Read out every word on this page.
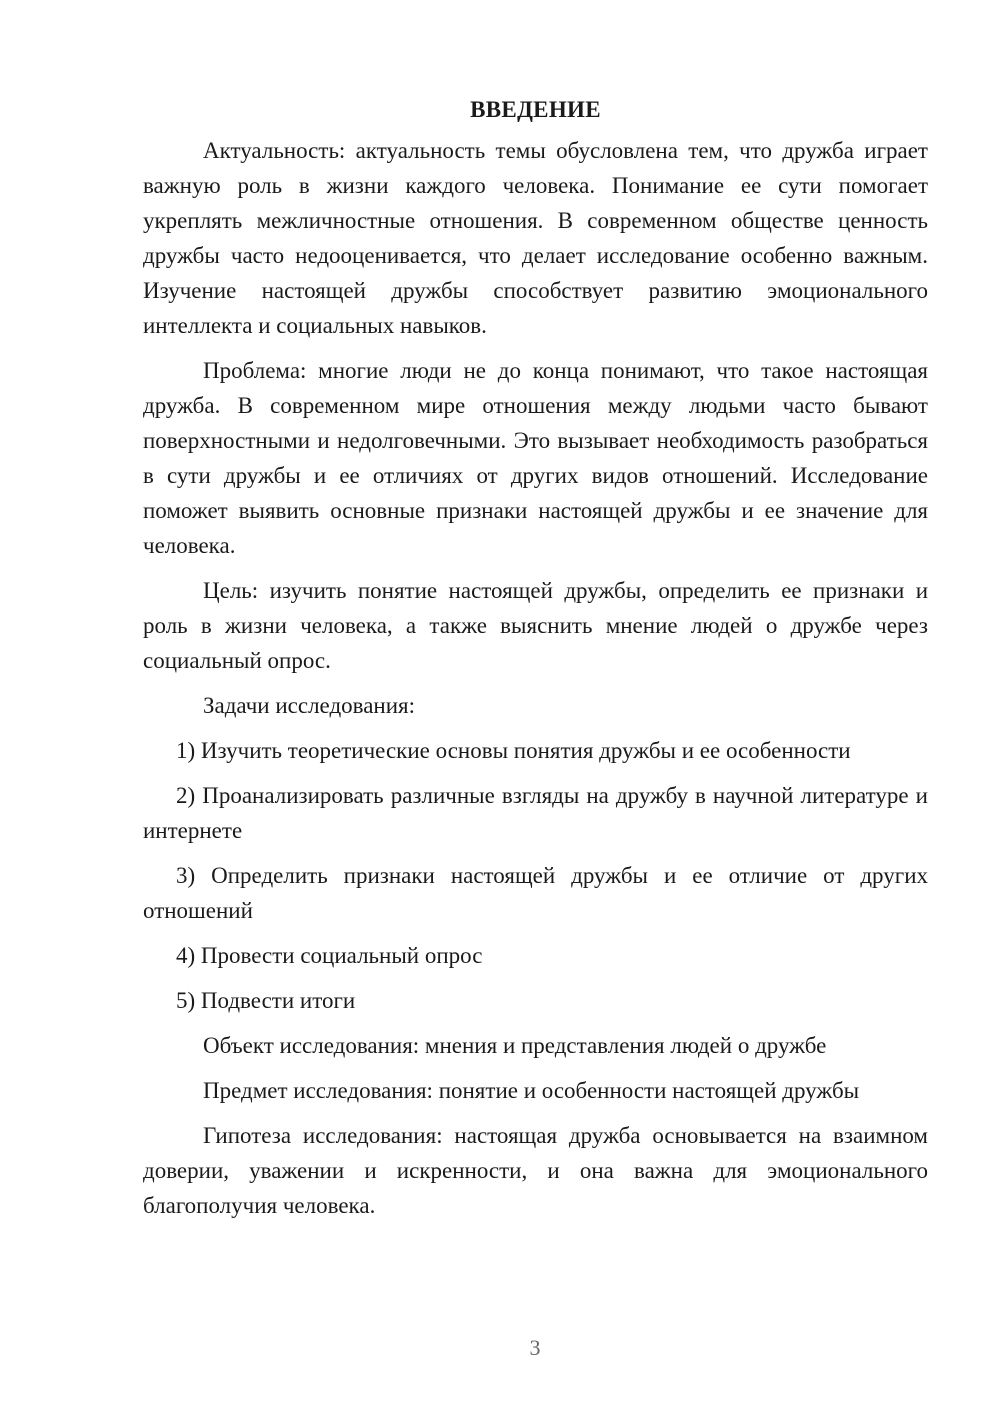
ВВЕДЕНИЕ

Актуальность: актуальность темы обусловлена тем, что дружба играет важную роль в жизни каждого человека. Понимание ее сути помогает укреплять межличностные отношения. В современном обществе ценность дружбы часто недооценивается, что делает исследование особенно важным. Изучение настоящей дружбы способствует развитию эмоционального интеллекта и социальных навыков.

Проблема: многие люди не до конца понимают, что такое настоящая дружба. В современном мире отношения между людьми часто бывают поверхностными и недолговечными. Это вызывает необходимость разобраться в сути дружбы и ее отличиях от других видов отношений. Исследование поможет выявить основные признаки настоящей дружбы и ее значение для человека.

Цель: изучить понятие настоящей дружбы, определить ее признаки и роль в жизни человека, а также выяснить мнение людей о дружбе через социальный опрос.

Задачи исследования:

1) Изучить теоретические основы понятия дружбы и ее особенности

2) Проанализировать различные взгляды на дружбу в научной литературе и интернете

3) Определить признаки настоящей дружбы и ее отличие от других отношений

4) Провести социальный опрос

5) Подвести итоги

Объект исследования: мнения и представления людей о дружбе

Предмет исследования: понятие и особенности настоящей дружбы

Гипотеза исследования: настоящая дружба основывается на взаимном доверии, уважении и искренности, и она важна для эмоционального благополучия человека.

3
